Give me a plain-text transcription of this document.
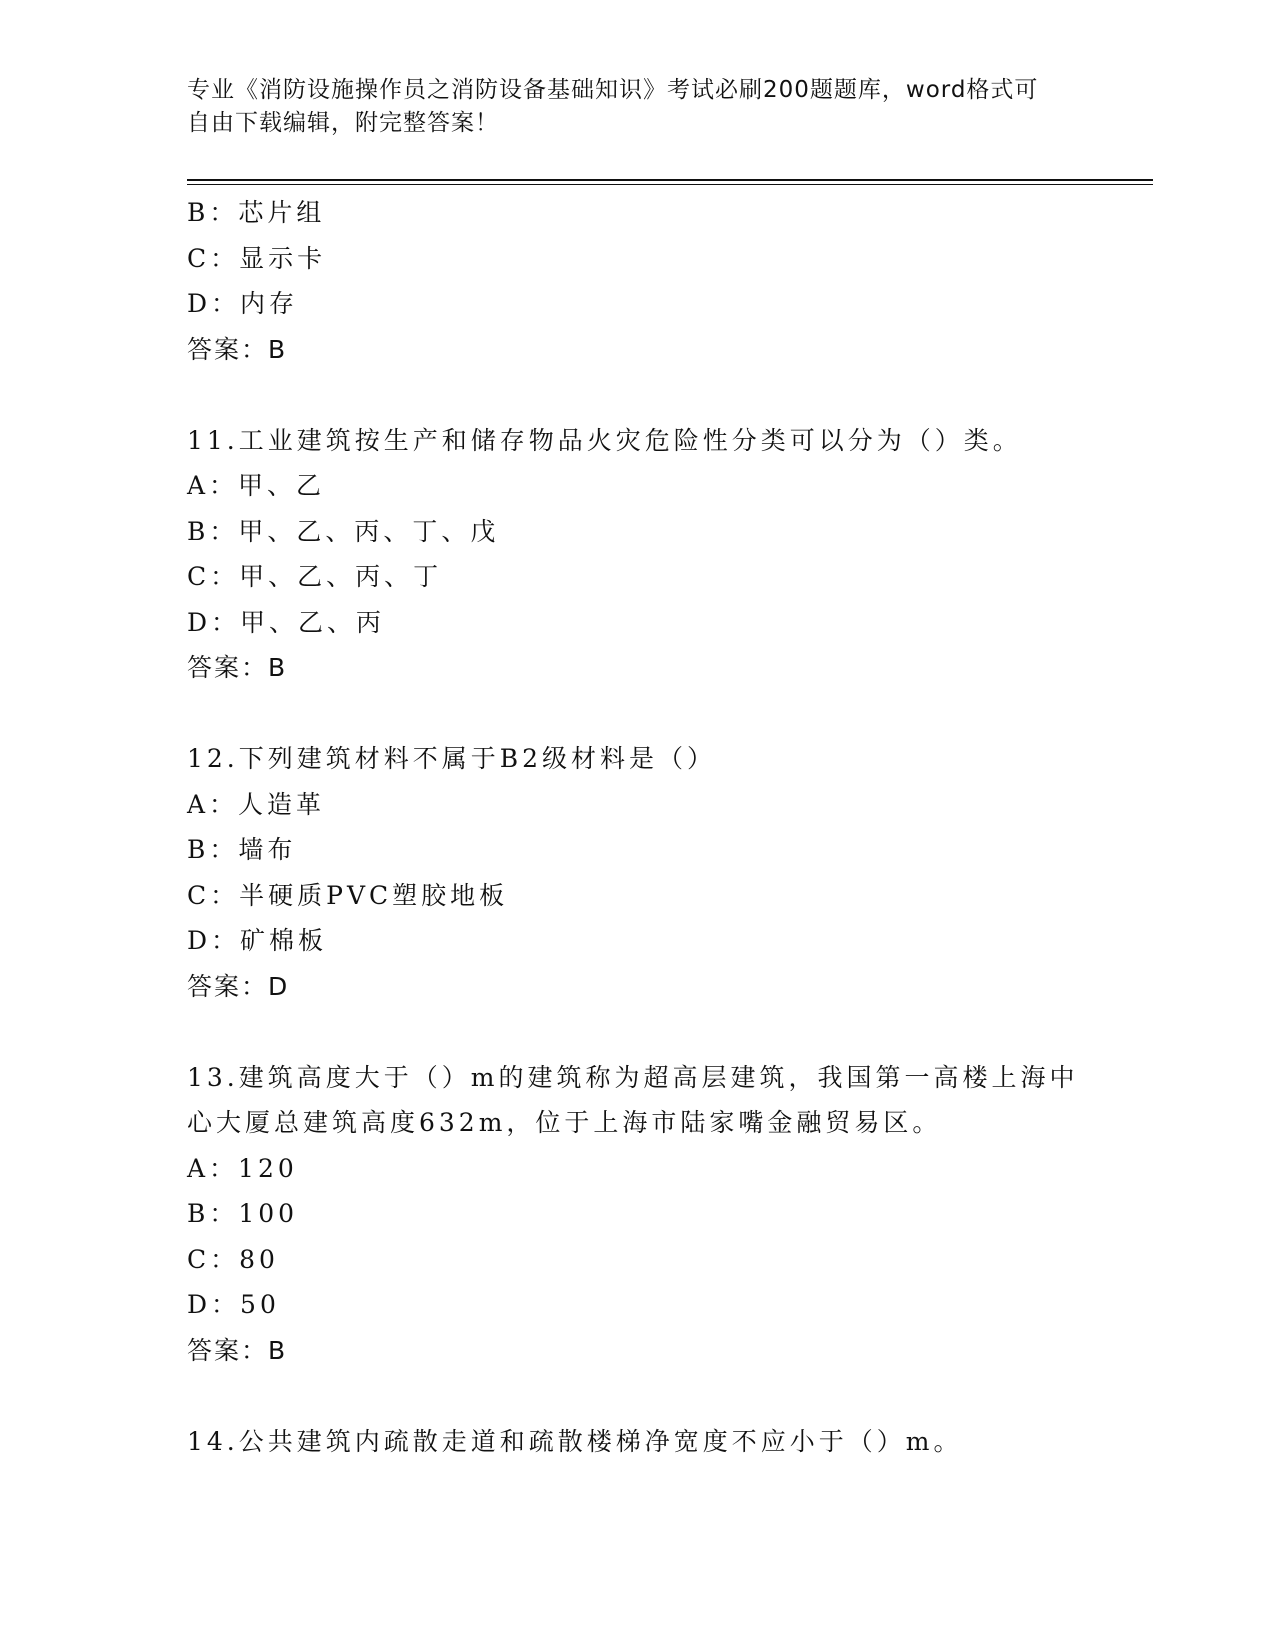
专业《消防设施操作员之消防设备基础知识》考试必刷200题题库，word格式可
自由下载编辑，附完整答案！
B：芯片组
C：显示卡
D：内存
答案：B
11.工业建筑按生产和储存物品火灾危险性分类可以分为（）类。
A：甲、乙
B：甲、乙、丙、丁、戊
C：甲、乙、丙、丁
D：甲、乙、丙
答案：B
12.下列建筑材料不属于B2级材料是（）
A：人造革
B：墙布
C：半硬质PVC塑胶地板
D：矿棉板
答案：D
13.建筑高度大于（）m的建筑称为超高层建筑，我国第一高楼上海中
心大厦总建筑高度632m，位于上海市陆家嘴金融贸易区。
A：120
B：100
C：80
D：50
答案：B
14.公共建筑内疏散走道和疏散楼梯净宽度不应小于（）m。
